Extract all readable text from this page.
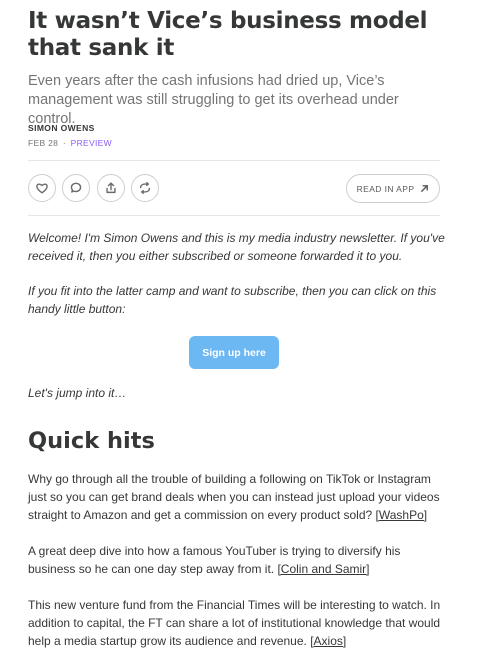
It wasn’t Vice’s business model that sank it

Even years after the cash infusions had dried up, Vice’s management was still struggling to get its overhead under control.

SIMON OWENS
FEB 28 · PREVIEW
READ IN APP

Welcome! I'm Simon Owens and this is my media industry newsletter. If you've received it, then you either subscribed or someone forwarded it to you.

If you fit into the latter camp and want to subscribe, then you can click on this handy little button:

Sign up here

Let's jump into it…

Quick hits

Why go through all the trouble of building a following on TikTok or Instagram just so you can get brand deals when you can instead just upload your videos straight to Amazon and get a commission on every product sold? [WashPo]

A great deep dive into how a famous YouTuber is trying to diversify his business so he can one day step away from it. [Colin and Samir]

This new venture fund from the Financial Times will be interesting to watch. In addition to capital, the FT can share a lot of institutional knowledge that would help a media startup grow its audience and revenue. [Axios]
